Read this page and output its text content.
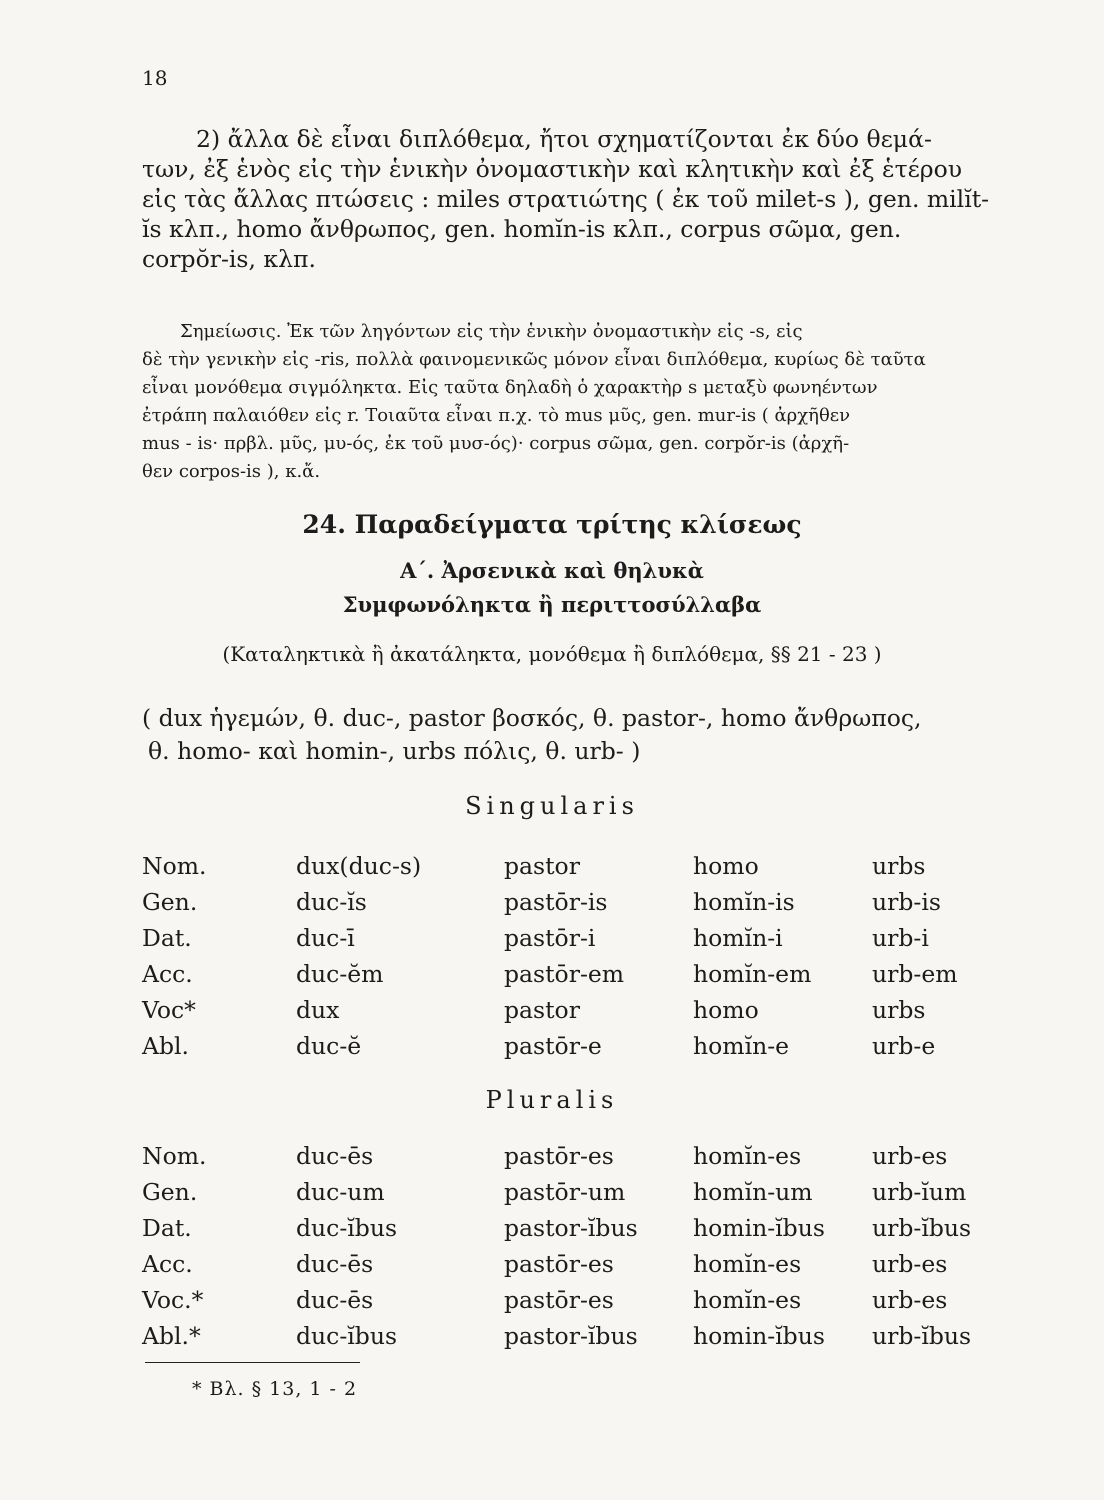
18
2) ἄλλα δὲ εἶναι διπλόθεμα, ἤτοι σχηματίζονται ἐκ δύο θεμά-
των, ἐξ ἑνὸς εἰς τὴν ἑνικὴν ὀνομαστικὴν καὶ κλητικὴν καὶ ἐξ ἑτέρου
εἰς τὰς ἄλλας πτώσεις : miles στρατιώτης ( ἐκ τοῦ milet-s ), gen. milĭt-
ĭs κλπ., homo ἄνθρωπος, gen. homĭn-is κλπ., corpus σῶμα, gen.
corpŏr-is, κλπ.
Σημείωσις. Ἐκ τῶν ληγόντων εἰς τὴν ἑνικὴν ὀνομαστικὴν εἰς -s, εἰς
δὲ τὴν γενικὴν εἰς -ris, πολλὰ φαινομενικῶς μόνον εἶναι διπλόθεμα, κυρίως δὲ ταῦτα
εἶναι μονόθεμα σιγμόληκτα. Εἰς ταῦτα δηλαδὴ ὁ χαρακτὴρ s μεταξὺ φωνηέντων
ἐτράπη παλαιόθεν εἰς r. Τοιαῦτα εἶναι π.χ. τὸ mus μῦς, gen. mur-is ( ἀρχῆθεν
mus - is· πρβλ. μῦς, μυ-ός, ἐκ τοῦ μυσ-ός)· corpus σῶμα, gen. corpŏr-is (ἀρχῆ-
θεν corpos-is ), κ.ἄ.
24. Παραδείγματα τρίτης κλίσεως
Α΄. Ἀρσενικὰ καὶ θηλυκὰ
Συμφωνόληκτα ἢ περιττοσύλλαβα
(Καταληκτικὰ ἢ ἀκατάληκτα, μονόθεμα ἢ διπλόθεμα, §§ 21 - 23 )
( dux ἡγεμών, θ. duc-, pastor βοσκός, θ. pastor-, homo ἄνθρωπος,
θ. homo- καὶ homin-, urbs πόλις, θ. urb- )
Singularis
Nom.	dux(duc-s)	pastor	homo	urbs
Gen.	duc-ĭs	pastōr-is	homĭn-is	urb-is
Dat.	duc-ī	pastōr-i	homĭn-i	urb-i
Acc.	duc-ĕm	pastōr-em	homĭn-em	urb-em
Voc*	dux	pastor	homo	urbs
Abl.	duc-ĕ	pastōr-e	homĭn-e	urb-e
Pluralis
Nom.	duc-ēs	pastōr-es	homĭn-es	urb-es
Gen.	duc-um	pastōr-um	homĭn-um	urb-ĭum
Dat.	duc-ĭbus	pastor-ĭbus homin-ĭbus urb-ĭbus
Acc.	duc-ēs	pastōr-es	homĭn-es	urb-es
Voc.*	duc-ēs	pastōr-es	homĭn-es	urb-es
Abl.*	duc-ĭbus	pastor-ĭbus homin-ĭbus urb-ĭbus
* Βλ. § 13, 1 - 2
